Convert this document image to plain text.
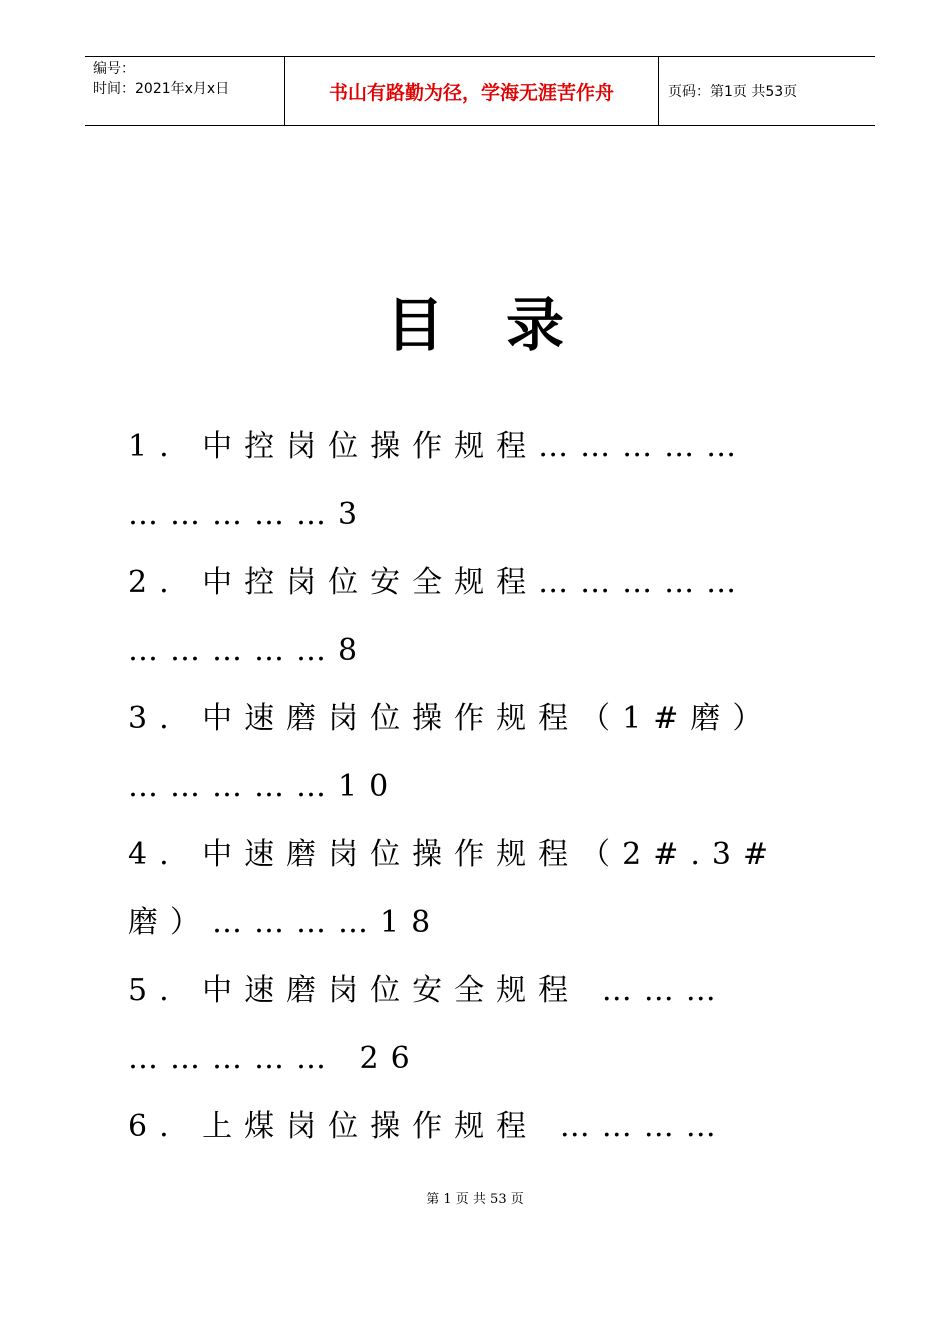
编号：
时间：2021年x月x日	书山有路勤为径，学海无涯苦作舟	页码：第1页 共53页
目录
1. 中控岗位操作规程……………
……………3
2. 中控岗位安全规程……………
……………8
3. 中速磨岗位操作规程（1#磨）
……………10
4. 中速磨岗位操作规程（2#.3#
磨）…………18
5. 中速磨岗位安全规程 ………
…………… 26
6. 上煤岗位操作规程 …………
第 1 页 共 53 页
